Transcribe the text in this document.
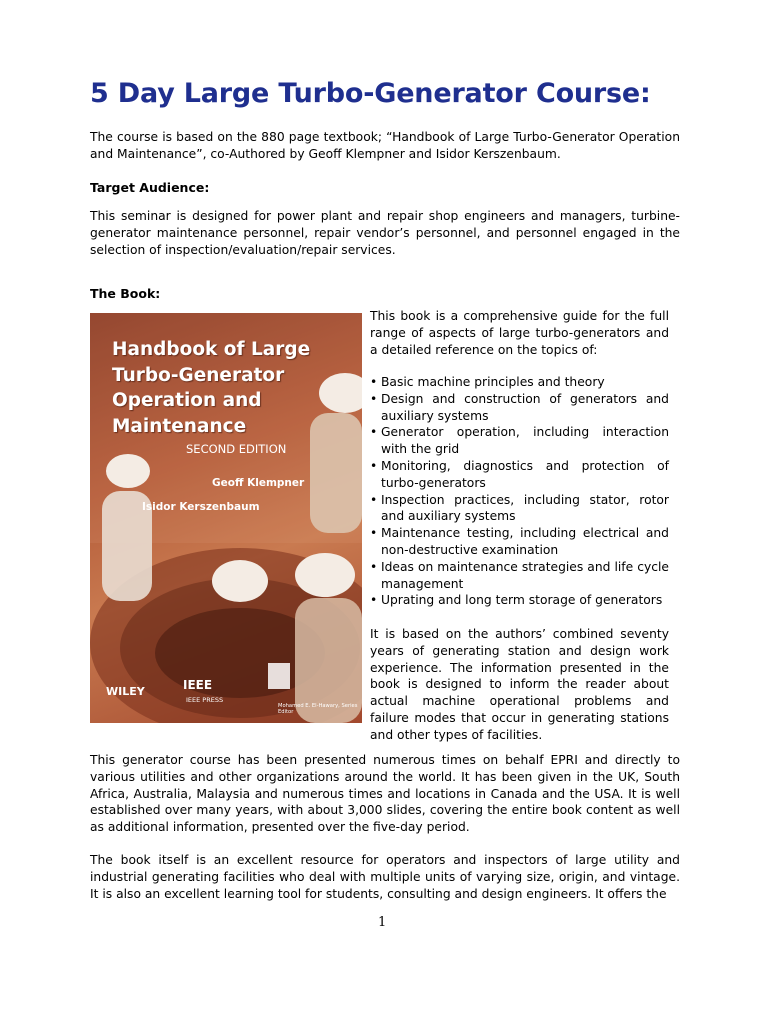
5 Day Large Turbo-Generator Course:

The course is based on the 880 page textbook; “Handbook of Large Turbo-Generator Operation and Maintenance”, co-Authored by Geoff Klempner and Isidor Kerszenbaum.

Target Audience:

This seminar is designed for power plant and repair shop engineers and managers, turbine-generator maintenance personnel, repair vendor’s personnel, and personnel engaged in the selection of inspection/evaluation/repair services.

The Book:
Handbook of Large
Turbo-Generator
Operation and
Maintenance
SECOND EDITION
Geoff Klempner
Isidor Kerszenbaum
WILEY	IEEE
IEEE PRESS
Mohamed E. El-Hawary, Series Editor

This book is a comprehensive guide for the full range of aspects of large turbo-generators and a detailed reference on the topics of:

• Basic machine principles and theory
• Design and construction of generators and auxiliary systems
• Generator operation, including interaction with the grid
• Monitoring, diagnostics and protection of turbo-generators
• Inspection practices, including stator, rotor and auxiliary systems
• Maintenance testing, including electrical and non-destructive examination
• Ideas on maintenance strategies and life cycle management
• Uprating and long term storage of generators

It is based on the authors’ combined seventy years of generating station and design work experience. The information presented in the book is designed to inform the reader about actual machine operational problems and failure modes that occur in generating stations and other types of facilities.

This generator course has been presented numerous times on behalf EPRI and directly to various utilities and other organizations around the world. It has been given in the UK, South Africa, Australia, Malaysia and numerous times and locations in Canada and the USA. It is well established over many years, with about 3,000 slides, covering the entire book content as well as additional information, presented over the five-day period.

The book itself is an excellent resource for operators and inspectors of large utility and industrial generating facilities who deal with multiple units of varying size, origin, and vintage. It is also an excellent learning tool for students, consulting and design engineers. It offers the

1
